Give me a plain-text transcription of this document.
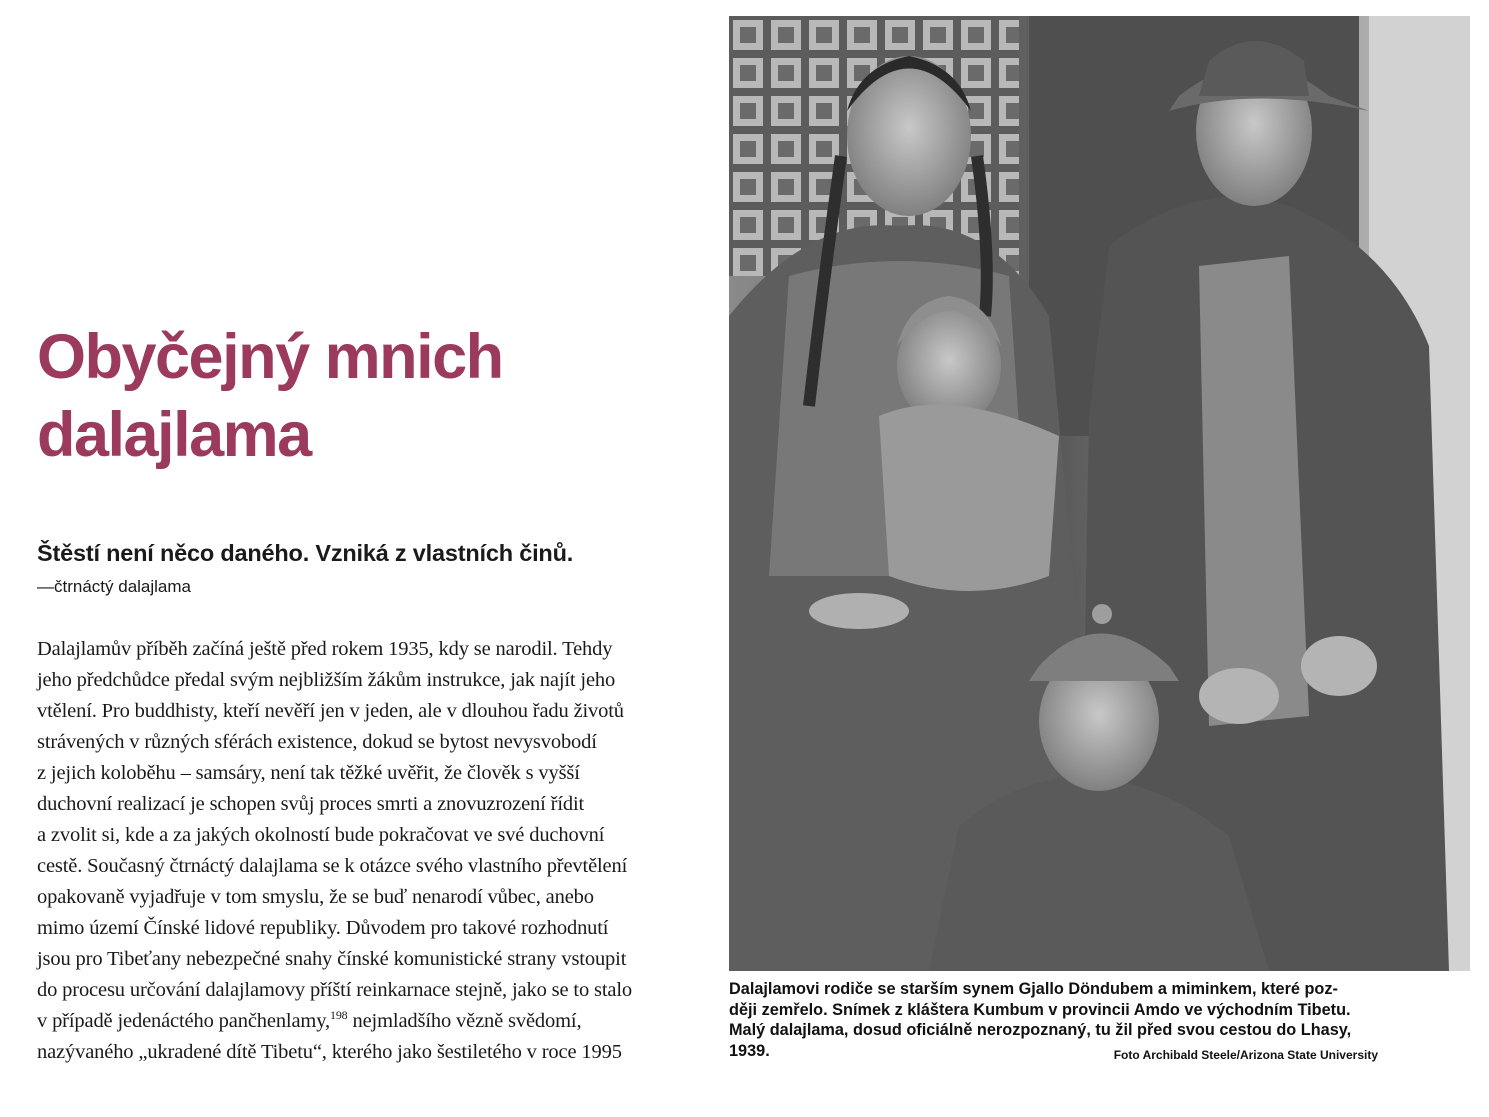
Obyčejný mnich
dalajlama
Štěstí není něco daného. Vzniká z vlastních činů.
—čtrnáctý dalajlama
Dalajlamův příběh začíná ještě před rokem 1935, kdy se narodil. Tehdy
jeho předchůdce předal svým nejbližším žákům instrukce, jak najít jeho
vtělení. Pro buddhisty, kteří nevěří jen v jeden, ale v dlouhou řadu životů
strávených v různých sférách existence, dokud se bytost nevysvobodí
z jejich koloběhu – samsáry, není tak těžké uvěřit, že člověk s vyšší
duchovní realizací je schopen svůj proces smrti a znovuzrození řídit
a zvolit si, kde a za jakých okolností bude pokračovat ve své duchovní
cestě. Současný čtrnáctý dalajlama se k otázce svého vlastního převtělení
opakovaně vyjadřuje v tom smyslu, že se buď nenarodí vůbec, anebo
mimo území Čínské lidové republiky. Důvodem pro takové rozhodnutí
jsou pro Tibeťany nebezpečné snahy čínské komunistické strany vstoupit
do procesu určování dalajlamovy příští reinkarnace stejně, jako se to stalo
v případě jedenáctého pančhenlamy,$^{198}$ nejmladšího vězně svědomí,
nazývaného „ukradené dítě Tibetu“, kterého jako šestiletého v roce 1995
Dalajlamovi rodiče se starším synem Gjallo Döndubem a miminkem, které poz-
ději zemřelo. Snímek z kláštera Kumbum v provincii Amdo ve východním Tibetu.
Malý dalajlama, dosud oficiálně nerozpoznaný, tu žil před svou cestou do Lhasy,
1939.	Foto Archibald Steele/Arizona State University
